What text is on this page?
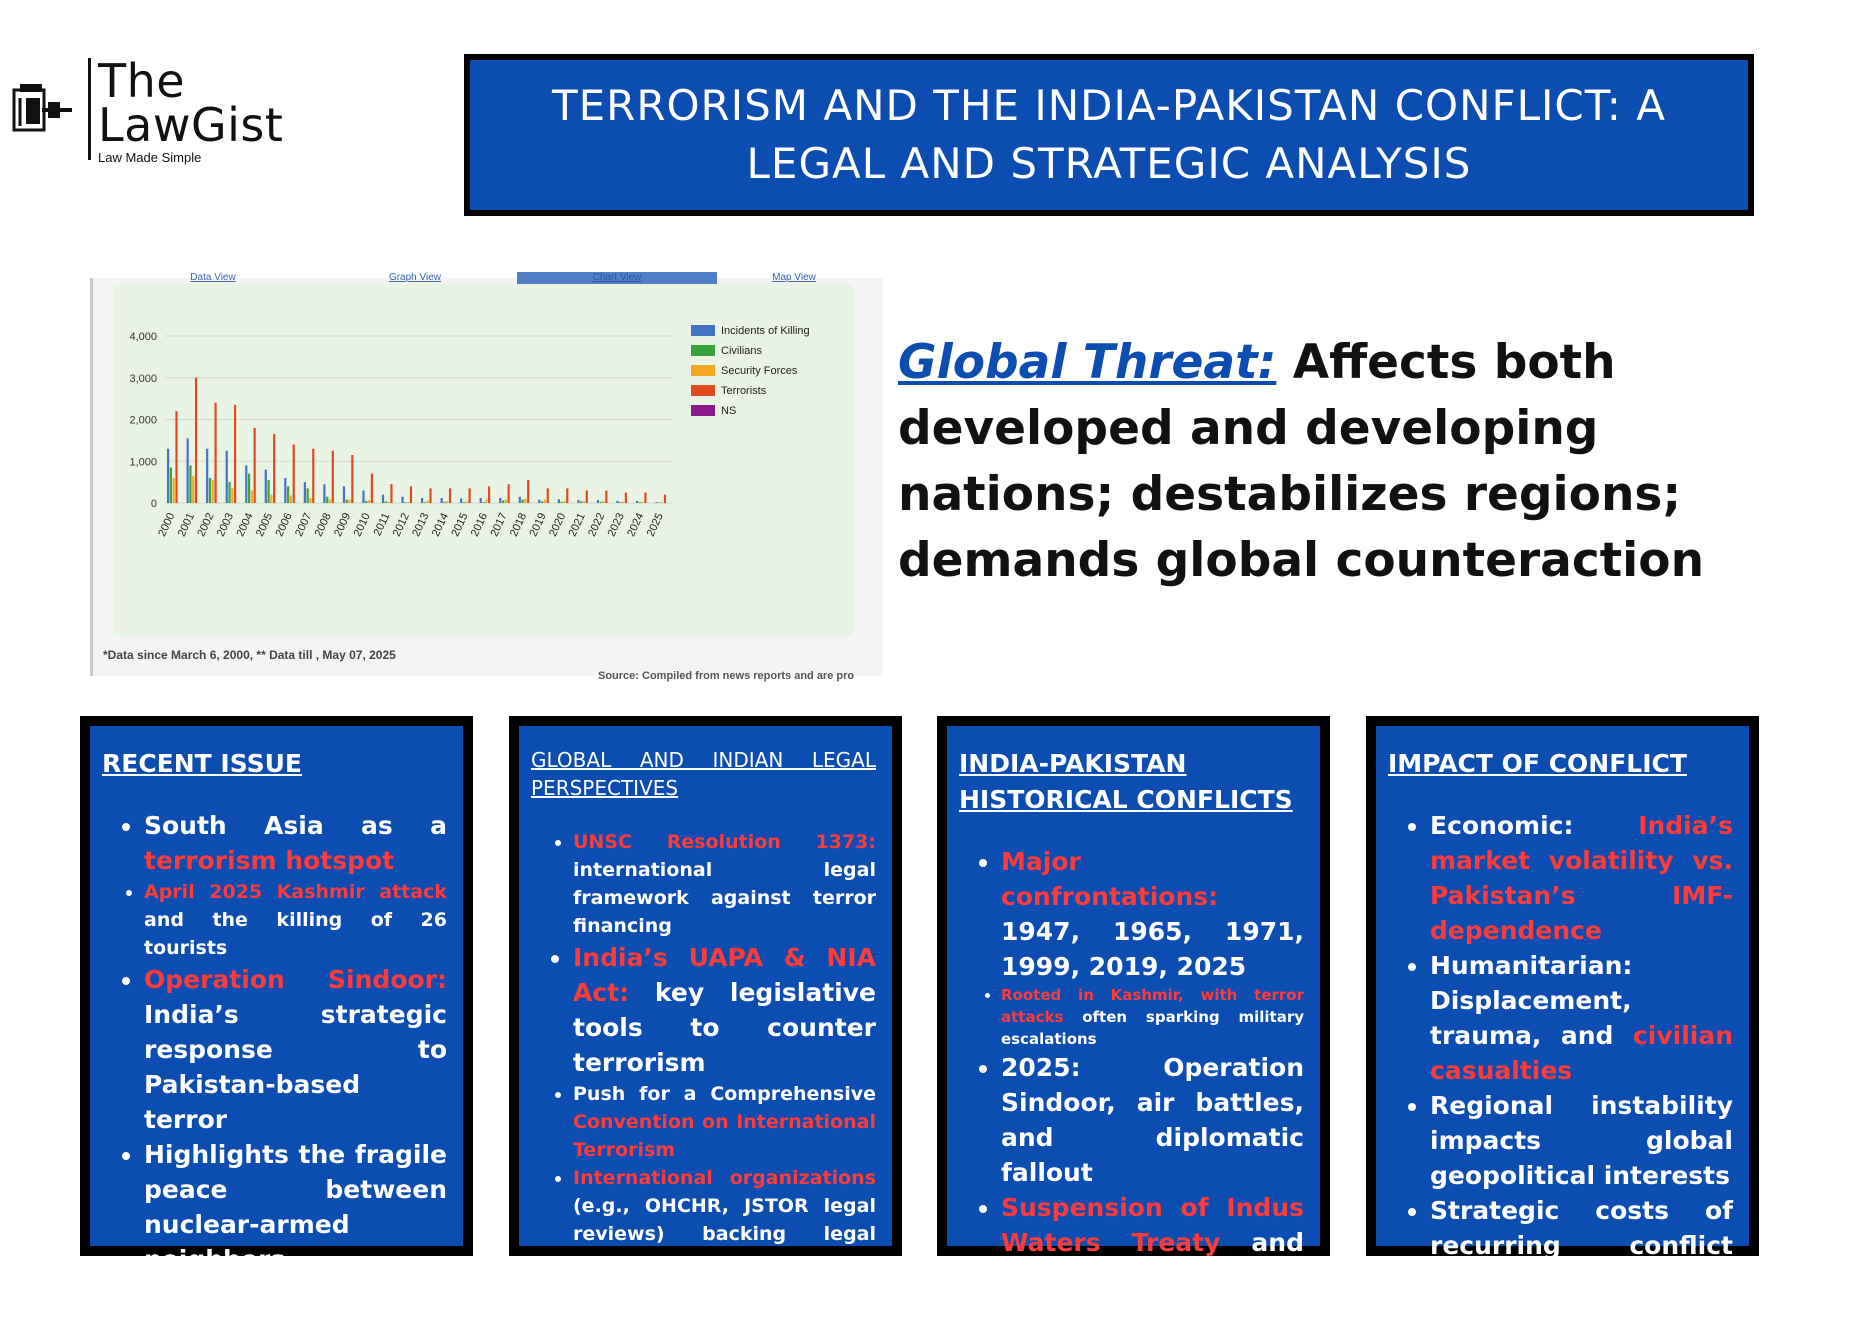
The
LawGist
Law Made Simple
TERRORISM AND THE INDIA-PAKISTAN CONFLICT: A LEGAL AND STRATEGIC ANALYSIS
4,000
3,000
2,000
1,000
0
2000
2001
2002
2003
2004
2005
2006
2007
2008
2009
2010
2011
2012
2013
2014
2015
2016
2017
2018
2019
2020
2021
2022
2023
2024
2025
Incidents of Killing
Civilians
Security Forces
Terrorists
NS
Data View	Graph View	Chart View	Map View
*Data since March 6, 2000, ** Data till , May 07, 2025
Source: Compiled from news reports and are pro
Global Threat: Affects both developed and developing nations; destabilizes regions; demands global counteraction
RECENT ISSUE
• South Asia as a terrorism hotspot
• April 2025 Kashmir attack and the killing of 26 tourists
• Operation Sindoor: India’s strategic response to Pakistan-based terror
• Highlights the fragile peace between nuclear-armed neighbors
GLOBAL AND INDIAN LEGAL PERSPECTIVES
• UNSC Resolution 1373: international legal framework against terror financing
• India’s UAPA & NIA Act: key legislative tools to counter terrorism
• Push for a Comprehensive Convention on International Terrorism
• International organizations (e.g., OHCHR, JSTOR legal reviews) backing legal measures
INDIA-PAKISTAN HISTORICAL CONFLICTS
• Major confrontations: 1947, 1965, 1971, 1999, 2019, 2025
• Rooted in Kashmir, with terror attacks often sparking military escalations
• 2025: Operation Sindoor, air battles, and diplomatic fallout
• Suspension of Indus Waters Treaty and heightened global concern.
IMPACT OF CONFLICT
• Economic: India’s market volatility vs. Pakistan’s IMF-dependence
• Humanitarian: Displacement, trauma, and civilian casualties
• Regional instability impacts global geopolitical interests
• Strategic costs of recurring conflict cycles
